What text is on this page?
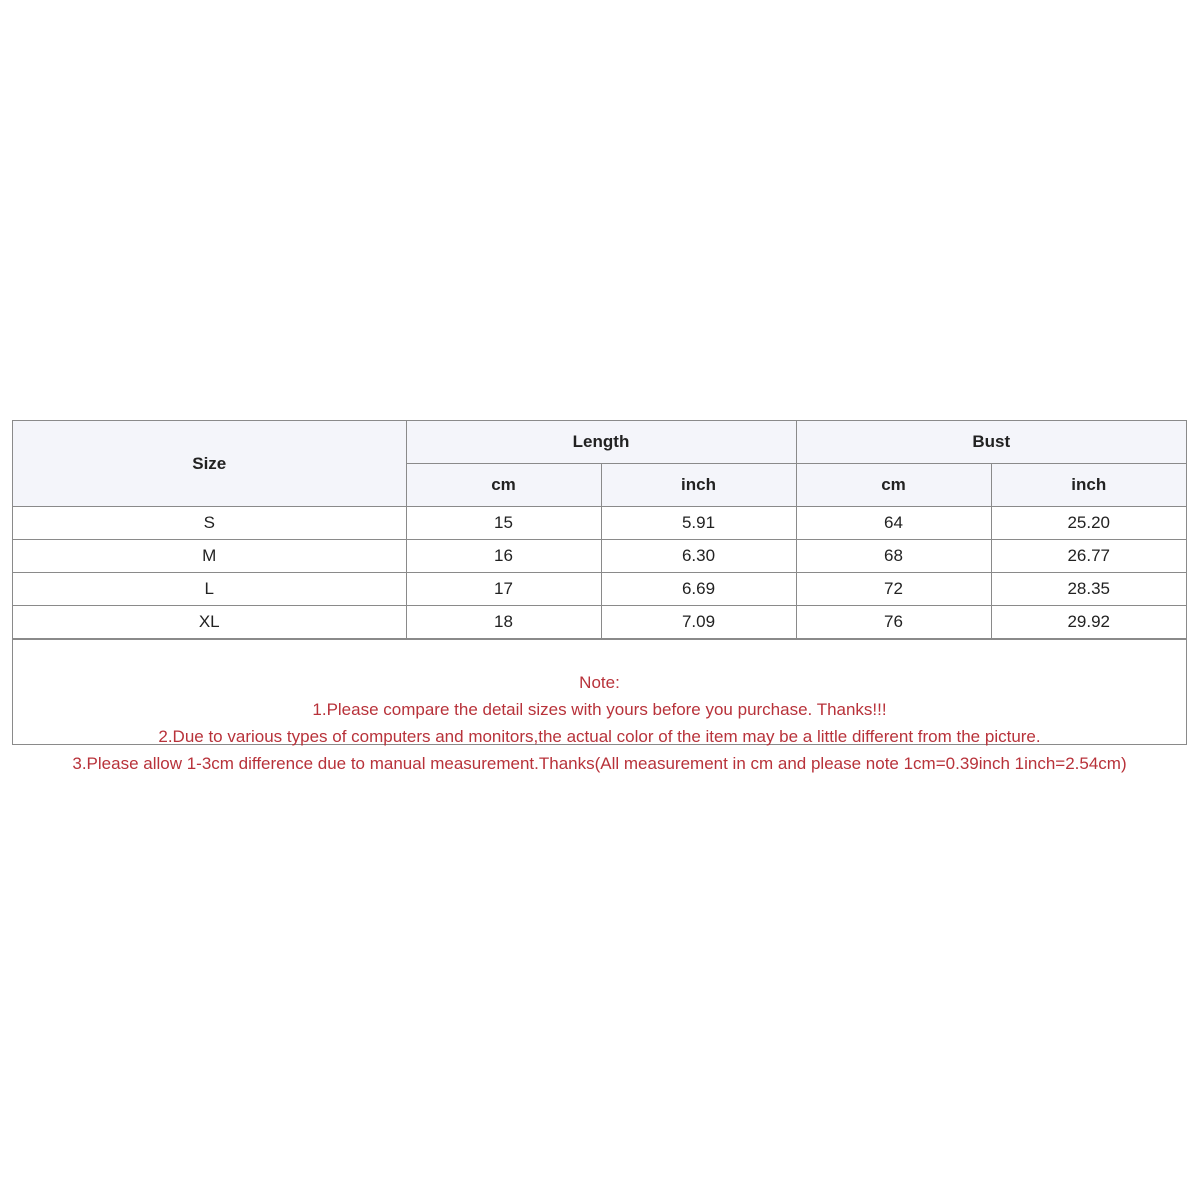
Size	Length		Bust	
	cm	inch	cm	inch
S	15	5.91	64	25.20
M	16	6.30	68	26.77
L	17	6.69	72	28.35
XL	18	7.09	76	29.92
Note:
1.Please compare the detail sizes with yours before you purchase. Thanks!!!
2.Due to various types of computers and monitors,the actual color of the item may be a little different from the picture.
3.Please allow 1-3cm difference due to manual measurement.Thanks(All measurement in cm and please note 1cm=0.39inch 1inch=2.54cm)
